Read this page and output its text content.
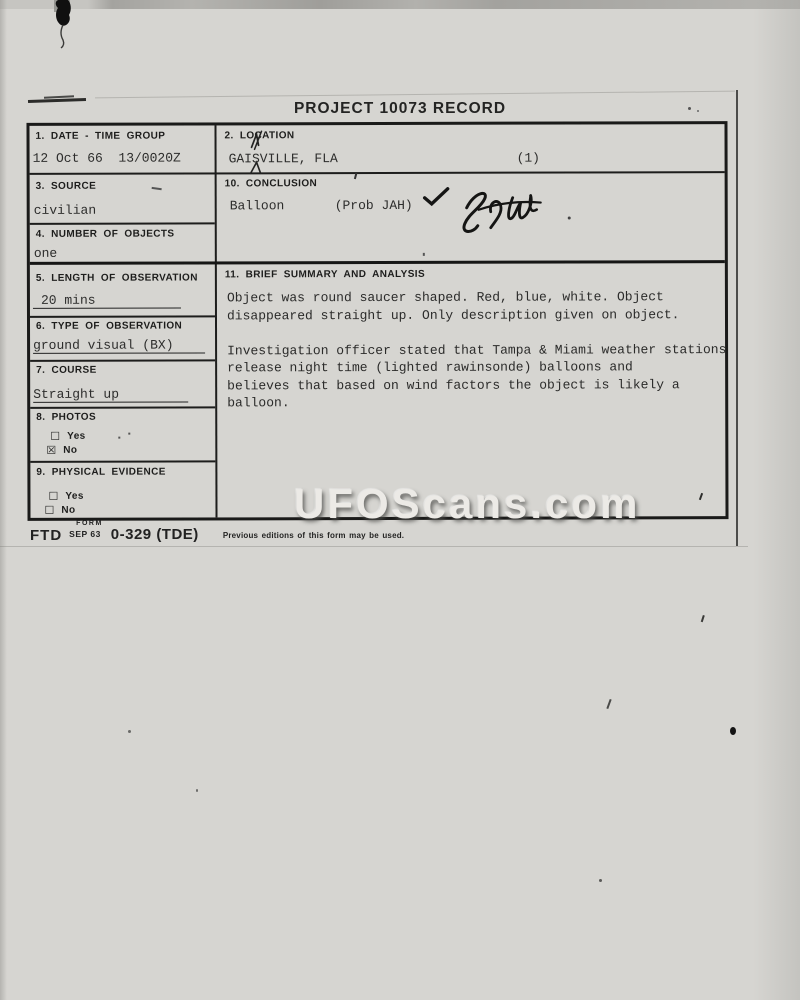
PROJECT 10073 RECORD
1. DATE - TIME GROUP
12 Oct 66  13/0020Z
2. LOCATION
GAISVILLE, FLA	(1)
3. SOURCE
civilian
4. NUMBER OF OBJECTS
one
10. CONCLUSION
Balloon	(Prob JAH)
5. LENGTH OF OBSERVATION
20 mins
6. TYPE OF OBSERVATION
ground visual (BX)
7. COURSE
Straight up
8. PHOTOS
☐ Yes
☒ No
9. PHYSICAL EVIDENCE
☐ Yes
☐ No
11. BRIEF SUMMARY AND ANALYSIS
Object was round saucer shaped. Red, blue, white. Object
disappeared straight up. Only description given on object.

Investigation officer stated that Tampa & Miami weather stations
release night time (lighted rawinsonde) balloons and
believes that based on wind factors the object is likely a
balloon.
UFOScans.com
FTD
FORM
SEP 63 0-329 (TDE)	Previous editions of this form may be used.
